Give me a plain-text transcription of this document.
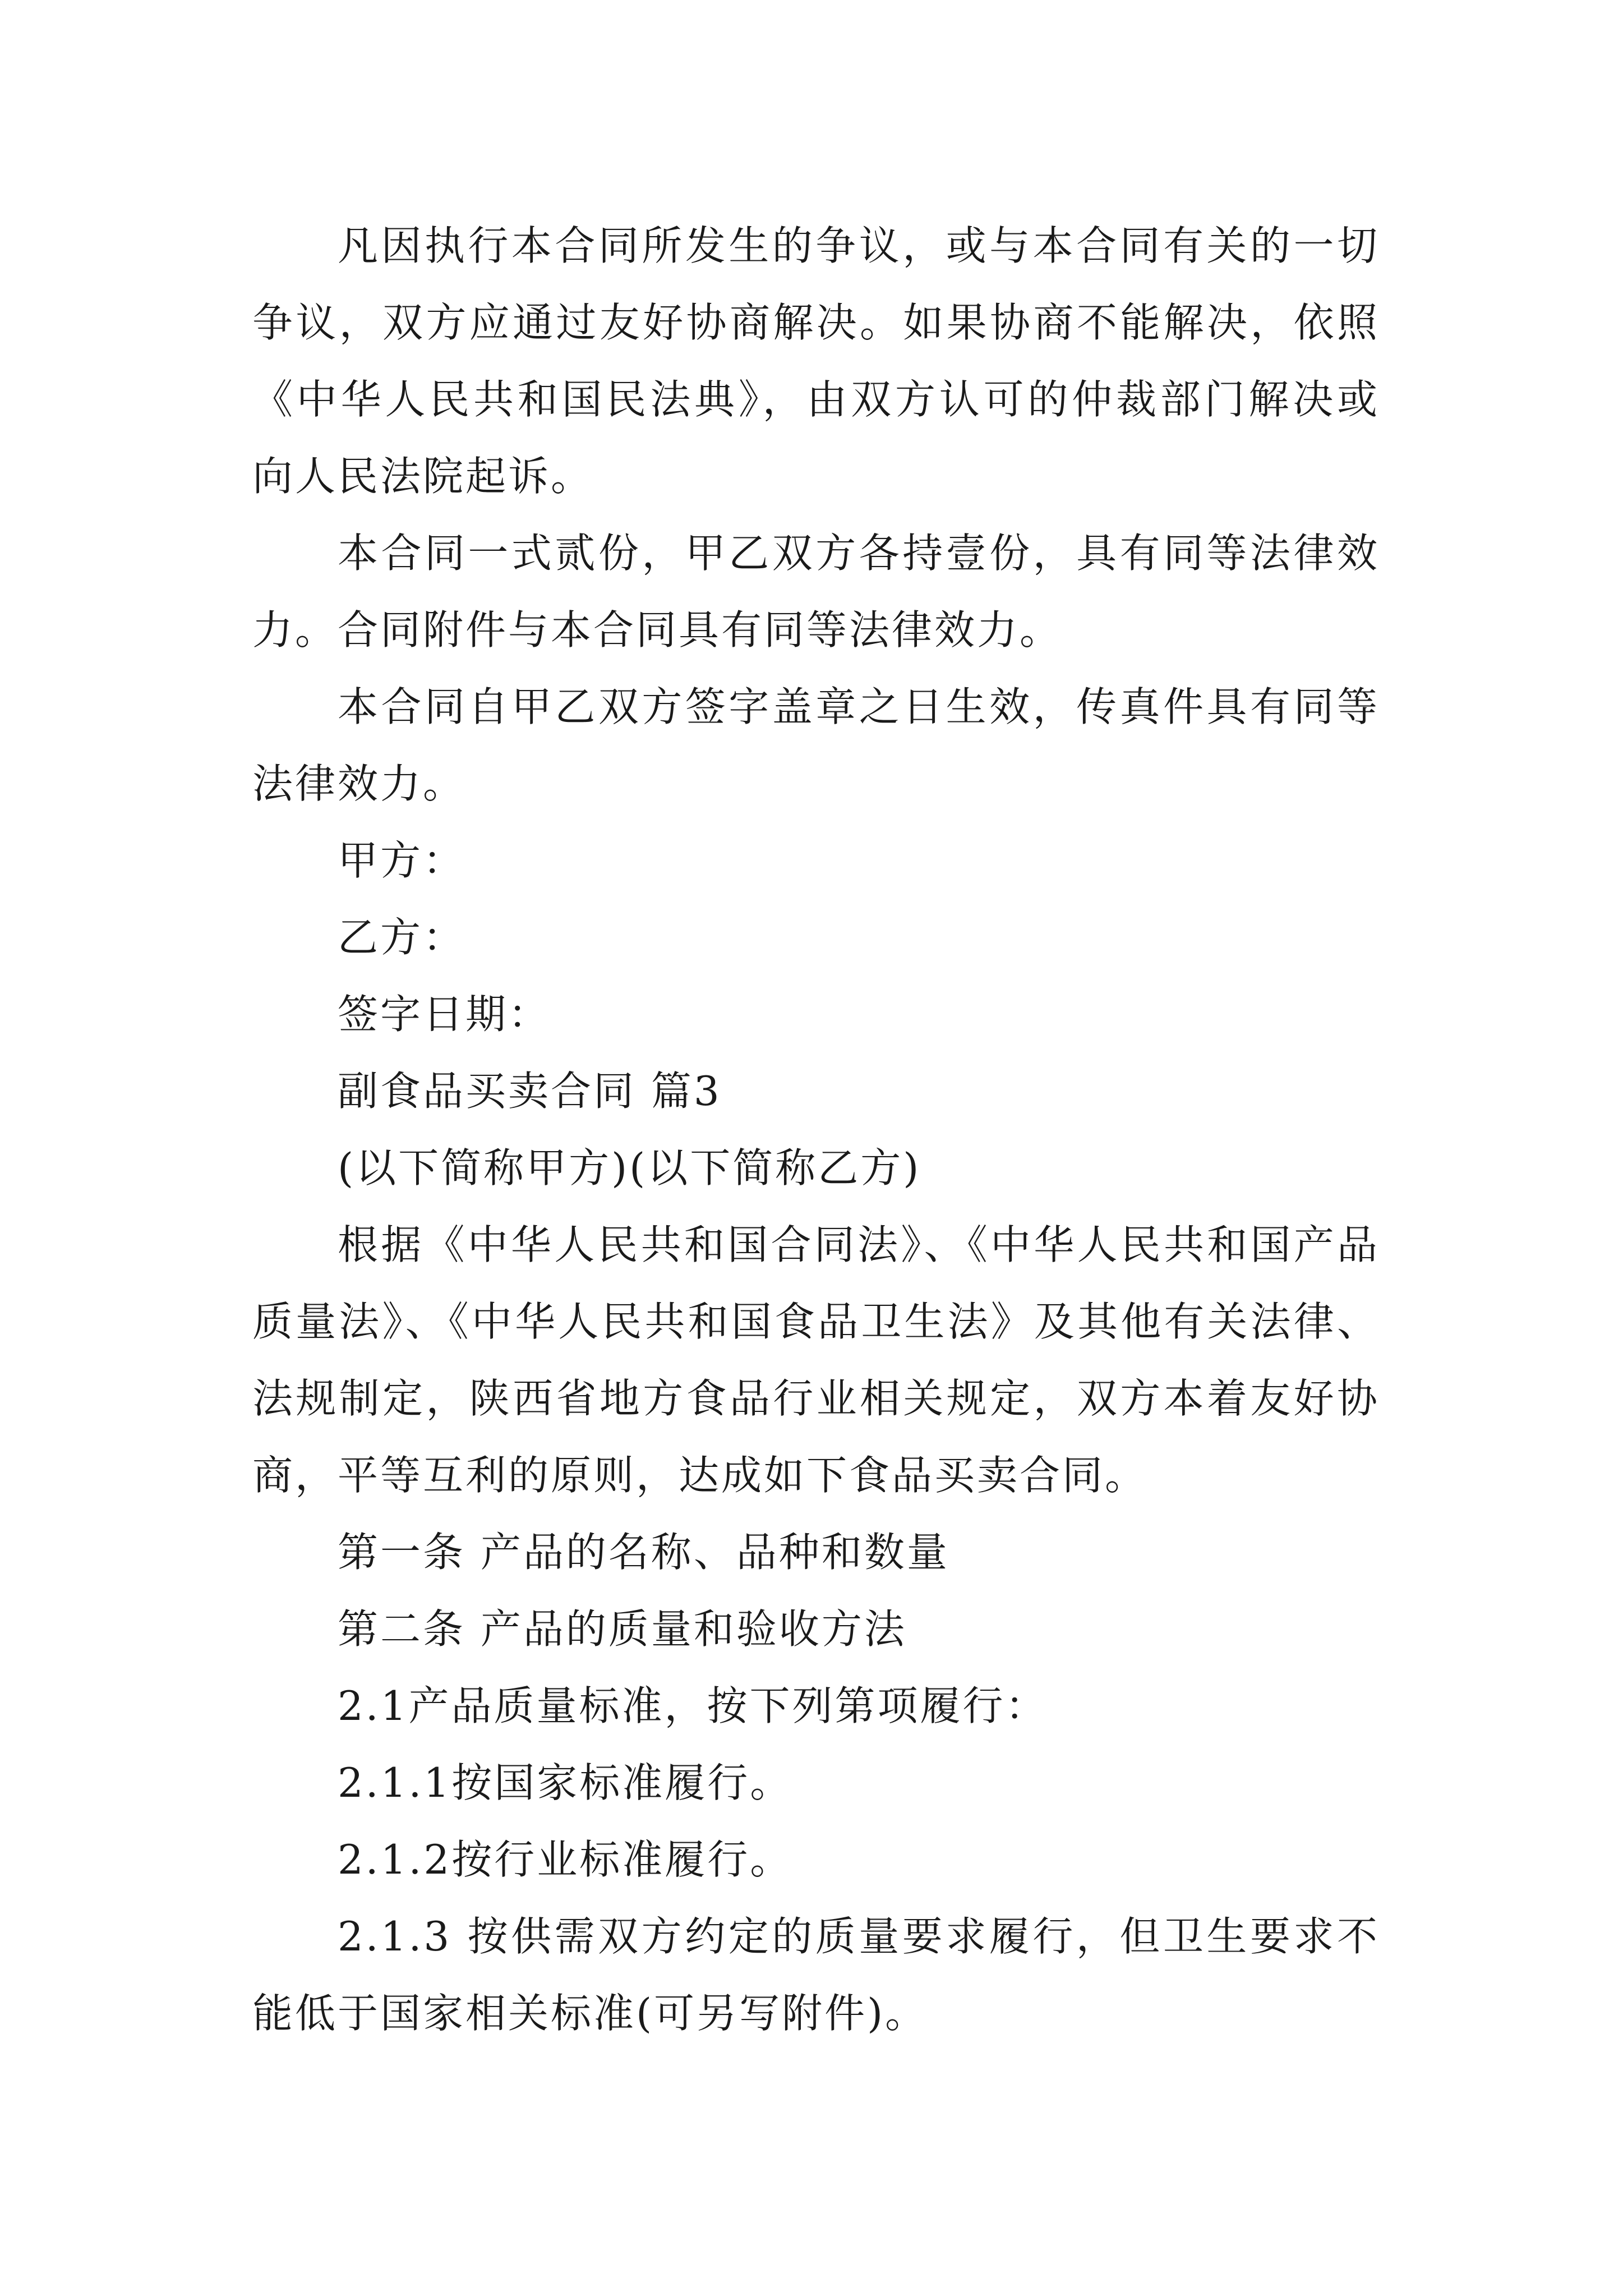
凡因执行本合同所发生的争议，或与本合同有关的一切争议，双方应通过友好协商解决。如果协商不能解决，依照《中华人民共和国民法典》，由双方认可的仲裁部门解决或向人民法院起诉。

本合同一式贰份，甲乙双方各持壹份，具有同等法律效力。合同附件与本合同具有同等法律效力。

本合同自甲乙双方签字盖章之日生效，传真件具有同等法律效力。

甲方：

乙方：

签字日期：

副食品买卖合同 篇3

(以下简称甲方)(以下简称乙方)

根据《中华人民共和国合同法》、《中华人民共和国产品质量法》、《中华人民共和国食品卫生法》及其他有关法律、法规制定，陕西省地方食品行业相关规定，双方本着友好协商，平等互利的原则，达成如下食品买卖合同。

第一条 产品的名称、品种和数量

第二条 产品的质量和验收方法

2.1产品质量标准，按下列第项履行：

2.1.1按国家标准履行。

2.1.2按行业标准履行。

2.1.3 按供需双方约定的质量要求履行，但卫生要求不能低于国家相关标准(可另写附件)。
